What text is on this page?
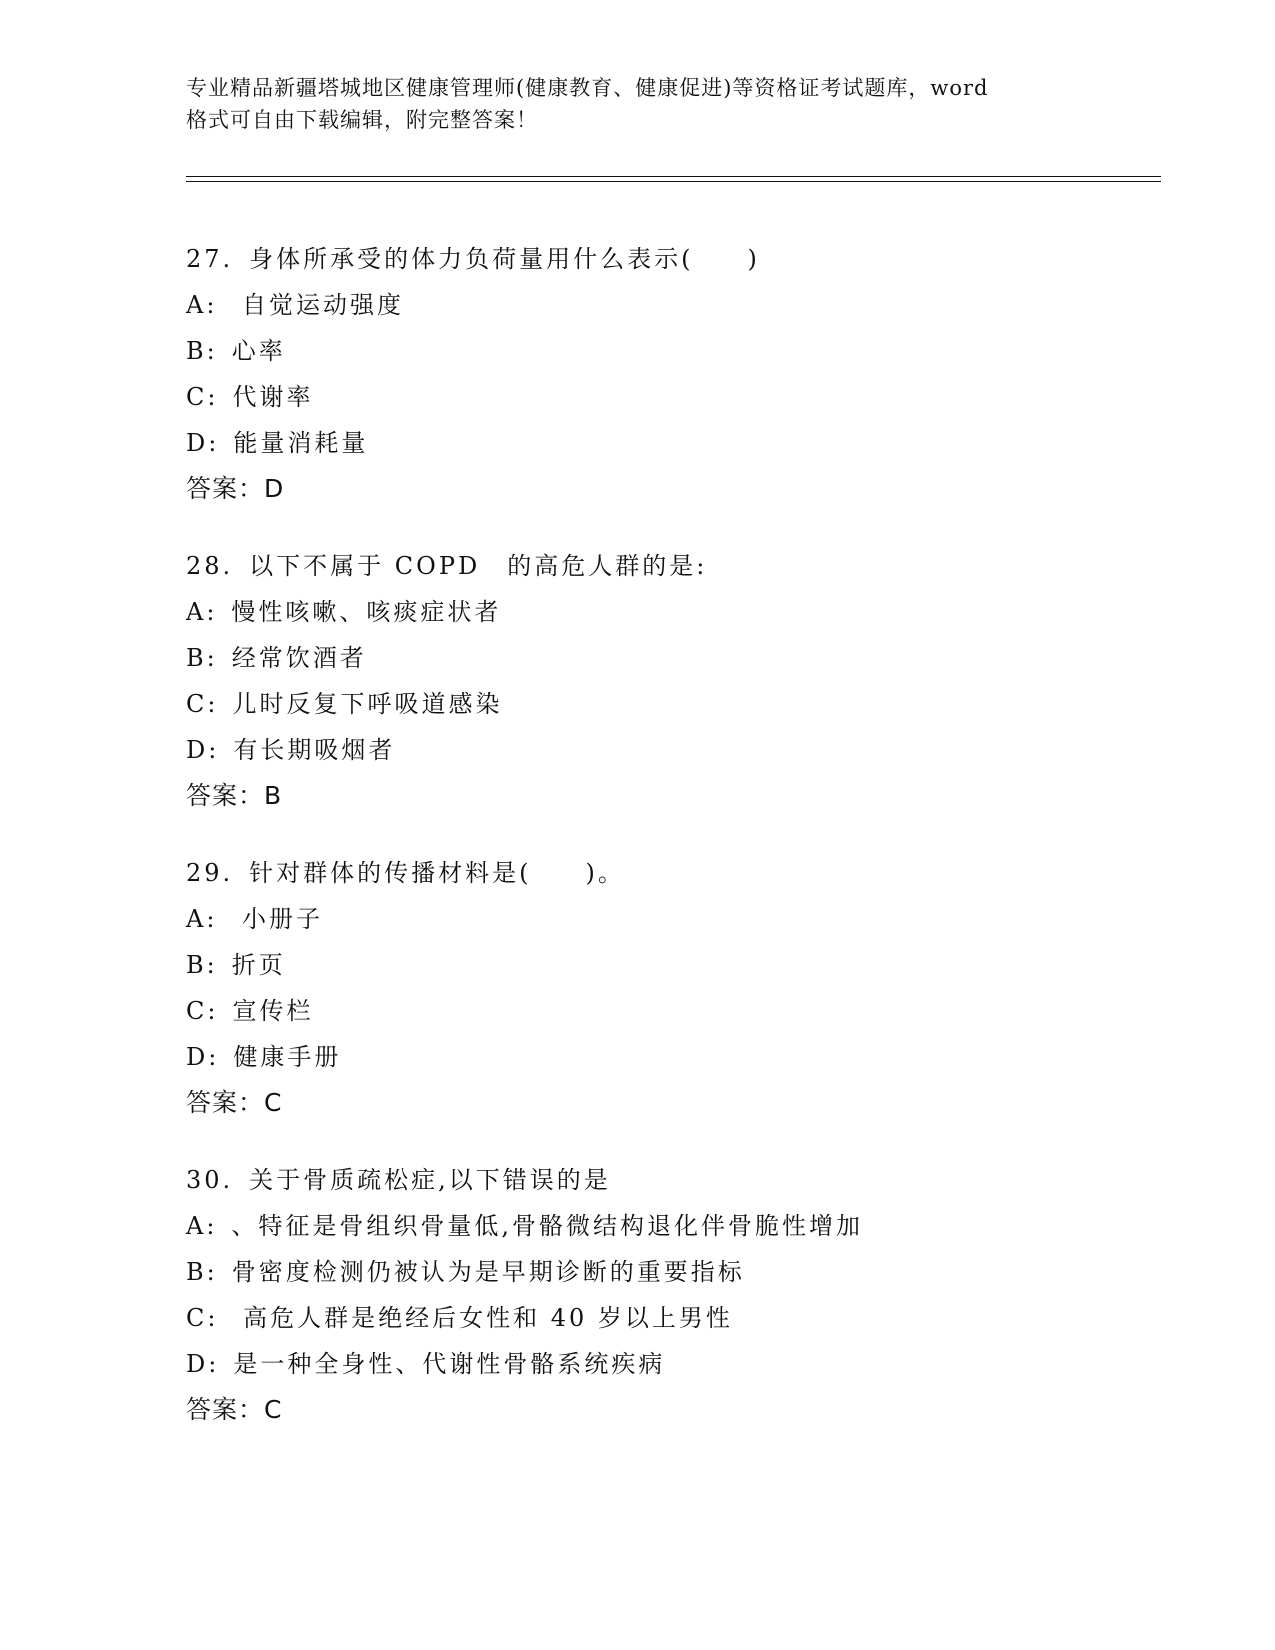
专业精品新疆塔城地区健康管理师(健康教育、健康促进)等资格证考试题库，word
格式可自由下载编辑，附完整答案！
27. 身体所承受的体力负荷量用什么表示(　　)
A: 自觉运动强度
B: 心率
C: 代谢率
D: 能量消耗量
答案：D
28. 以下不属于 COPD　的高危人群的是:
A: 慢性咳嗽、咳痰症状者
B: 经常饮酒者
C: 儿时反复下呼吸道感染
D: 有长期吸烟者
答案：B
29. 针对群体的传播材料是(　　)。
A: 小册子
B: 折页
C: 宣传栏
D: 健康手册
答案：C
30. 关于骨质疏松症,以下错误的是
A: 、特征是骨组织骨量低,骨骼微结构退化伴骨脆性增加
B: 骨密度检测仍被认为是早期诊断的重要指标
C: 高危人群是绝经后女性和 40 岁以上男性
D: 是一种全身性、代谢性骨骼系统疾病
答案：C
